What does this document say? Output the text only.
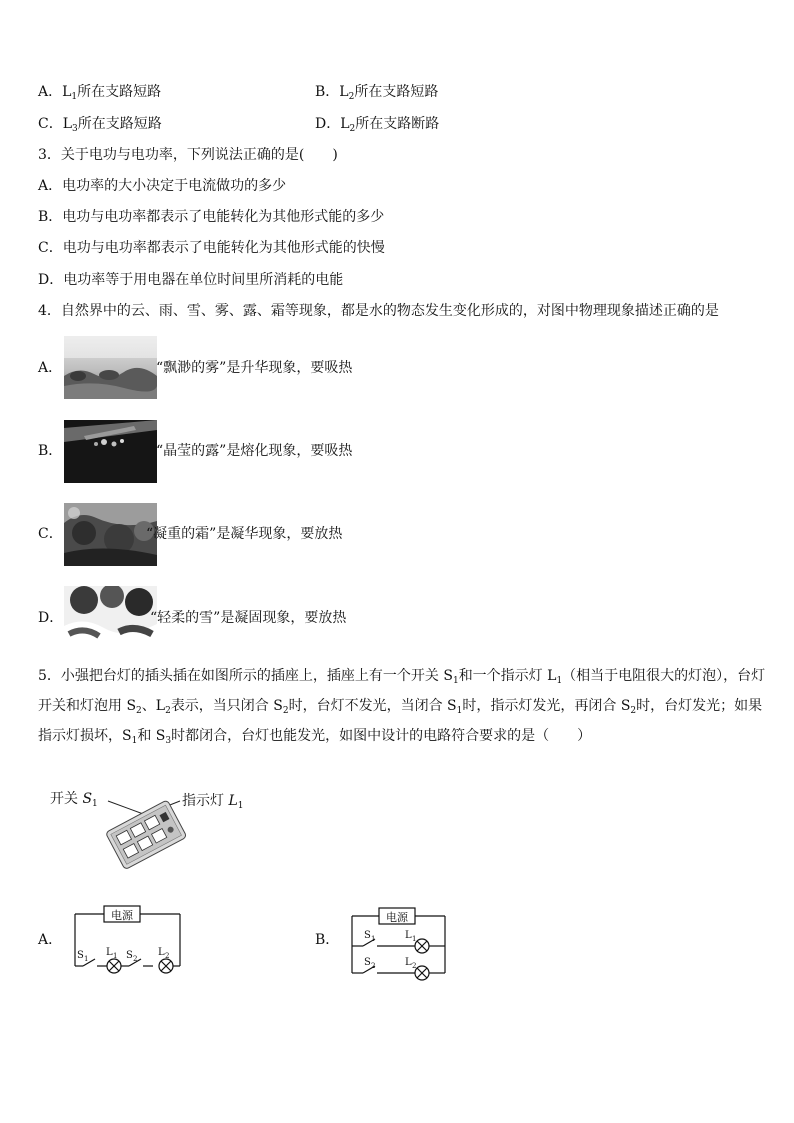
A．$L_1$所在支路短路	B．$L_2$所在支路短路
C．$L_3$所在支路短路	D．$L_2$所在支路断路
3．关于电功与电功率，下列说法正确的是(　　)
A．电功率的大小决定于电流做功的多少
B．电功与电功率都表示了电能转化为其他形式能的多少
C．电功与电功率都表示了电能转化为其他形式能的快慢
D．电功率等于用电器在单位时间里所消耗的电能
4．自然界中的云、雨、雪、雾、露、霜等现象，都是水的物态发生变化形成的，对图中物理现象描述正确的是
A．	“飘渺的雾”是升华现象，要吸热
B．	“晶莹的露”是熔化现象，要吸热
C．	“凝重的霜”是凝华现象，要放热
D．	“轻柔的雪”是凝固现象，要放热
5．小强把台灯的插头插在如图所示的插座上，插座上有一个开关 $S_1$和一个指示灯 $L_1$（相当于电阻很大的灯泡），台灯
开关和灯泡用 $S_2$、$L_2$表示，当只闭合 $S_2$时，台灯不发光，当闭合 $S_1$时，指示灯发光，再闭合 $S_2$时，台灯发光；如果
指示灯损坏，$S_1$和 $S_3$时都闭合，台灯也能发光，如图中设计的电路符合要求的是（　　）
开关 $S_1$	指示灯 $L_1$
A．
电源
S 1
L 1 S 2
L 2
B．
电源
S 1	L 1
S 2	L 2
